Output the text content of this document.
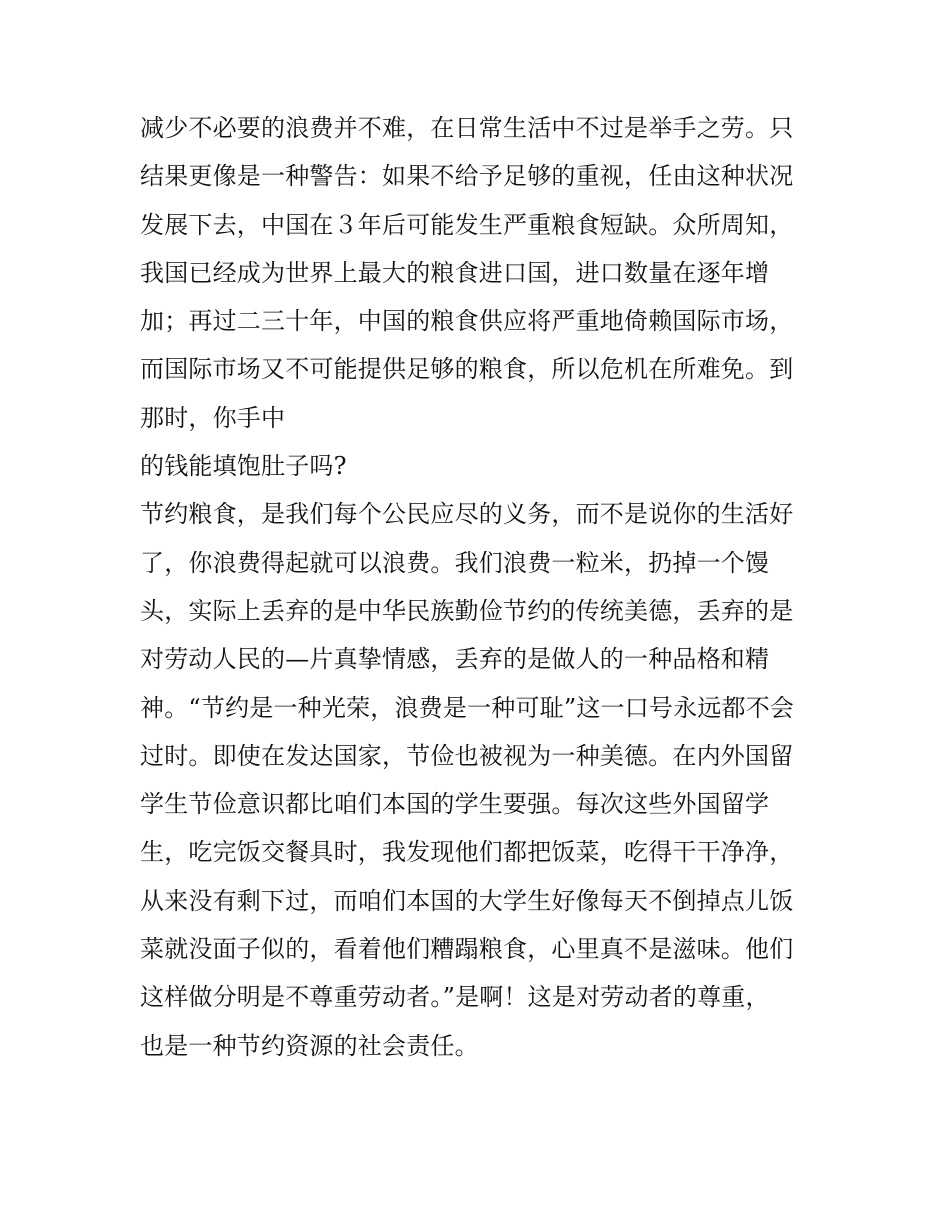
减少不必要的浪费并不难，在日常生活中不过是举手之劳。只
结果更像是一种警告：如果不给予足够的重视，任由这种状况
发展下去，中国在３年后可能发生严重粮食短缺。众所周知，
我国已经成为世界上最大的粮食进口国，进口数量在逐年增
加；再过二三十年，中国的粮食供应将严重地倚赖国际市场，
而国际市场又不可能提供足够的粮食，所以危机在所难免。到
那时，你手中
的钱能填饱肚子吗?
节约粮食，是我们每个公民应尽的义务，而不是说你的生活好
了，你浪费得起就可以浪费。我们浪费一粒米，扔掉一个馒
头，实际上丢弃的是中华民族勤俭节约的传统美德，丢弃的是
对劳动人民的—片真挚情感，丢弃的是做人的一种品格和精
神。“节约是一种光荣，浪费是一种可耻”这一口号永远都不会
过时。即使在发达国家，节俭也被视为一种美德。在内外国留
学生节俭意识都比咱们本国的学生要强。每次这些外国留学
生，吃完饭交餐具时，我发现他们都把饭菜，吃得干干净净，
从来没有剩下过，而咱们本国的大学生好像每天不倒掉点儿饭
菜就没面子似的，看着他们糟蹋粮食，心里真不是滋味。他们
这样做分明是不尊重劳动者。”是啊！这是对劳动者的尊重，
也是一种节约资源的社会责任。
